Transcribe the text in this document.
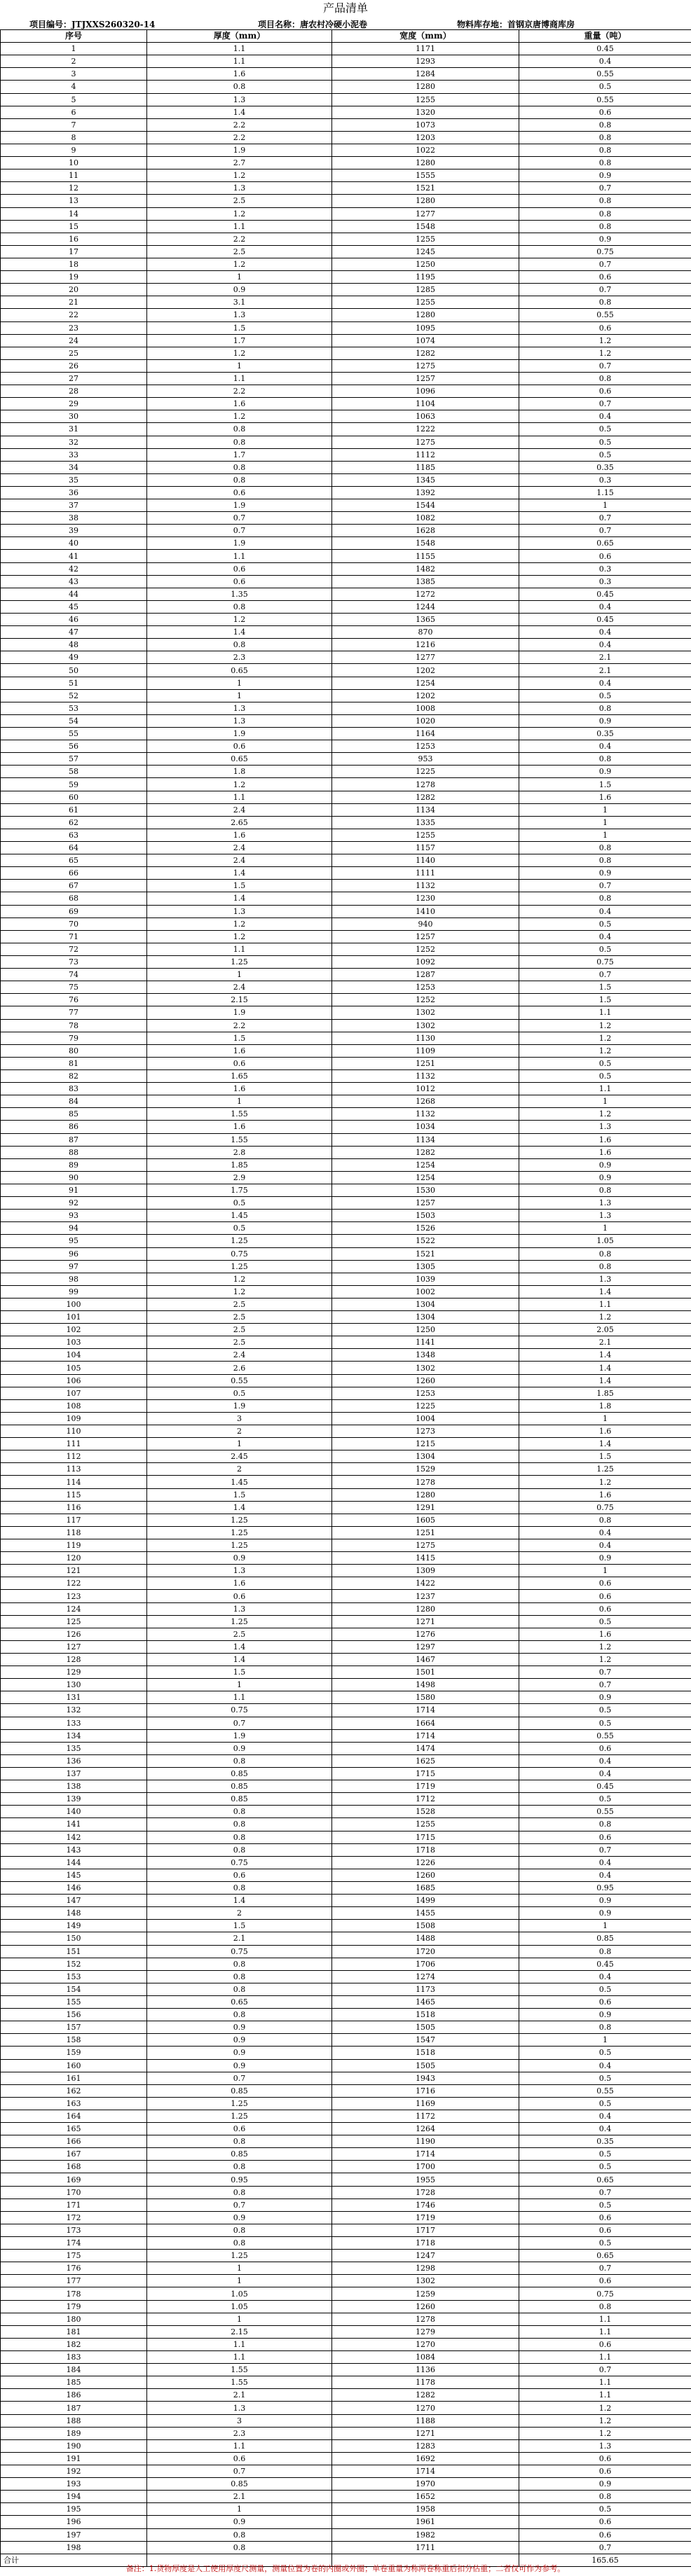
产品清单
项目编号：JTJXXS260320-14	项目名称：唐农村冷硬小泥卷	物料库存地：首钢京唐博商库房
序号	厚度（mm）	宽度（mm）	重量（吨）
1	1.1	1171	0.45
2	1.1	1293	0.4
3	1.6	1284	0.55
4	0.8	1280	0.5
5	1.3	1255	0.55
6	1.4	1320	0.6
7	2.2	1073	0.8
8	2.2	1203	0.8
9	1.9	1022	0.8
10	2.7	1280	0.8
11	1.2	1555	0.9
12	1.3	1521	0.7
13	2.5	1280	0.8
14	1.2	1277	0.8
15	1.1	1548	0.8
16	2.2	1255	0.9
17	2.5	1245	0.75
18	1.2	1250	0.7
19	1	1195	0.6
20	0.9	1285	0.7
21	3.1	1255	0.8
22	1.3	1280	0.55
23	1.5	1095	0.6
24	1.7	1074	1.2
25	1.2	1282	1.2
26	1	1275	0.7
27	1.1	1257	0.8
28	2.2	1096	0.6
29	1.6	1104	0.7
30	1.2	1063	0.4
31	0.8	1222	0.5
32	0.8	1275	0.5
33	1.7	1112	0.5
34	0.8	1185	0.35
35	0.8	1345	0.3
36	0.6	1392	1.15
37	1.9	1544	1
38	0.7	1082	0.7
39	0.7	1628	0.7
40	1.9	1548	0.65
41	1.1	1155	0.6
42	0.6	1482	0.3
43	0.6	1385	0.3
44	1.35	1272	0.45
45	0.8	1244	0.4
46	1.2	1365	0.45
47	1.4	870	0.4
48	0.8	1216	0.4
49	2.3	1277	2.1
50	0.65	1202	2.1
51	1	1254	0.4
52	1	1202	0.5
53	1.3	1008	0.8
54	1.3	1020	0.9
55	1.9	1164	0.35
56	0.6	1253	0.4
57	0.65	953	0.8
58	1.8	1225	0.9
59	1.2	1278	1.5
60	1.1	1282	1.6
61	2.4	1134	1
62	2.65	1335	1
63	1.6	1255	1
64	2.4	1157	0.8
65	2.4	1140	0.8
66	1.4	1111	0.9
67	1.5	1132	0.7
68	1.4	1230	0.8
69	1.3	1410	0.4
70	1.2	940	0.5
71	1.2	1257	0.4
72	1.1	1252	0.5
73	1.25	1092	0.75
74	1	1287	0.7
75	2.4	1253	1.5
76	2.15	1252	1.5
77	1.9	1302	1.1
78	2.2	1302	1.2
79	1.5	1130	1.2
80	1.6	1109	1.2
81	0.6	1251	0.5
82	1.65	1132	0.5
83	1.6	1012	1.1
84	1	1268	1
85	1.55	1132	1.2
86	1.6	1034	1.3
87	1.55	1134	1.6
88	2.8	1282	1.6
89	1.85	1254	0.9
90	2.9	1254	0.9
91	1.75	1530	0.8
92	0.5	1257	1.3
93	1.45	1503	1.3
94	0.5	1526	1
95	1.25	1522	1.05
96	0.75	1521	0.8
97	1.25	1305	0.8
98	1.2	1039	1.3
99	1.2	1002	1.4
100	2.5	1304	1.1
101	2.5	1304	1.2
102	2.5	1250	2.05
103	2.5	1141	2.1
104	2.4	1348	1.4
105	2.6	1302	1.4
106	0.55	1260	1.4
107	0.5	1253	1.85
108	1.9	1225	1.8
109	3	1004	1
110	2	1273	1.6
111	1	1215	1.4
112	2.45	1304	1.5
113	2	1529	1.25
114	1.45	1278	1.2
115	1.5	1280	1.6
116	1.4	1291	0.75
117	1.25	1605	0.8
118	1.25	1251	0.4
119	1.25	1275	0.4
120	0.9	1415	0.9
121	1.3	1309	1
122	1.6	1422	0.6
123	0.6	1237	0.6
124	1.3	1280	0.6
125	1.25	1271	0.5
126	2.5	1276	1.6
127	1.4	1297	1.2
128	1.4	1467	1.2
129	1.5	1501	0.7
130	1	1498	0.7
131	1.1	1580	0.9
132	0.75	1714	0.5
133	0.7	1664	0.5
134	1.9	1714	0.55
135	0.9	1474	0.6
136	0.8	1625	0.4
137	0.85	1715	0.4
138	0.85	1719	0.45
139	0.85	1712	0.5
140	0.8	1528	0.55
141	0.8	1255	0.8
142	0.8	1715	0.6
143	0.8	1718	0.7
144	0.75	1226	0.4
145	0.6	1260	0.4
146	0.8	1685	0.95
147	1.4	1499	0.9
148	2	1455	0.9
149	1.5	1508	1
150	2.1	1488	0.85
151	0.75	1720	0.8
152	0.8	1706	0.45
153	0.8	1274	0.4
154	0.8	1173	0.5
155	0.65	1465	0.6
156	0.8	1518	0.9
157	0.9	1505	0.8
158	0.9	1547	1
159	0.9	1518	0.5
160	0.9	1505	0.4
161	0.7	1943	0.5
162	0.85	1716	0.55
163	1.25	1169	0.5
164	1.25	1172	0.4
165	0.6	1264	0.4
166	0.8	1190	0.35
167	0.85	1714	0.5
168	0.8	1700	0.5
169	0.95	1955	0.65
170	0.8	1728	0.7
171	0.7	1746	0.5
172	0.9	1719	0.6
173	0.8	1717	0.6
174	0.8	1718	0.5
175	1.25	1247	0.65
176	1	1298	0.7
177	1	1302	0.6
178	1.05	1259	0.75
179	1.05	1260	0.8
180	1	1278	1.1
181	2.15	1279	1.1
182	1.1	1270	0.6
183	1.1	1084	1.1
184	1.55	1136	0.7
185	1.55	1178	1.1
186	2.1	1282	1.1
187	1.3	1270	1.2
188	3	1188	1.2
189	2.3	1271	1.2
190	1.1	1283	1.3
191	0.6	1692	0.6
192	0.7	1714	0.6
193	0.85	1970	0.9
194	2.1	1652	0.8
195	1	1958	0.5
196	0.9	1961	0.6
197	0.8	1982	0.6
198	0.8	1711	0.7
合计			165.65
备注：1.货物厚度是人工使用厚度尺测量，测量位置为卷的内圈或外圈；单卷重量为称两卷称重后扣分估重；二者仅可作为参考。
